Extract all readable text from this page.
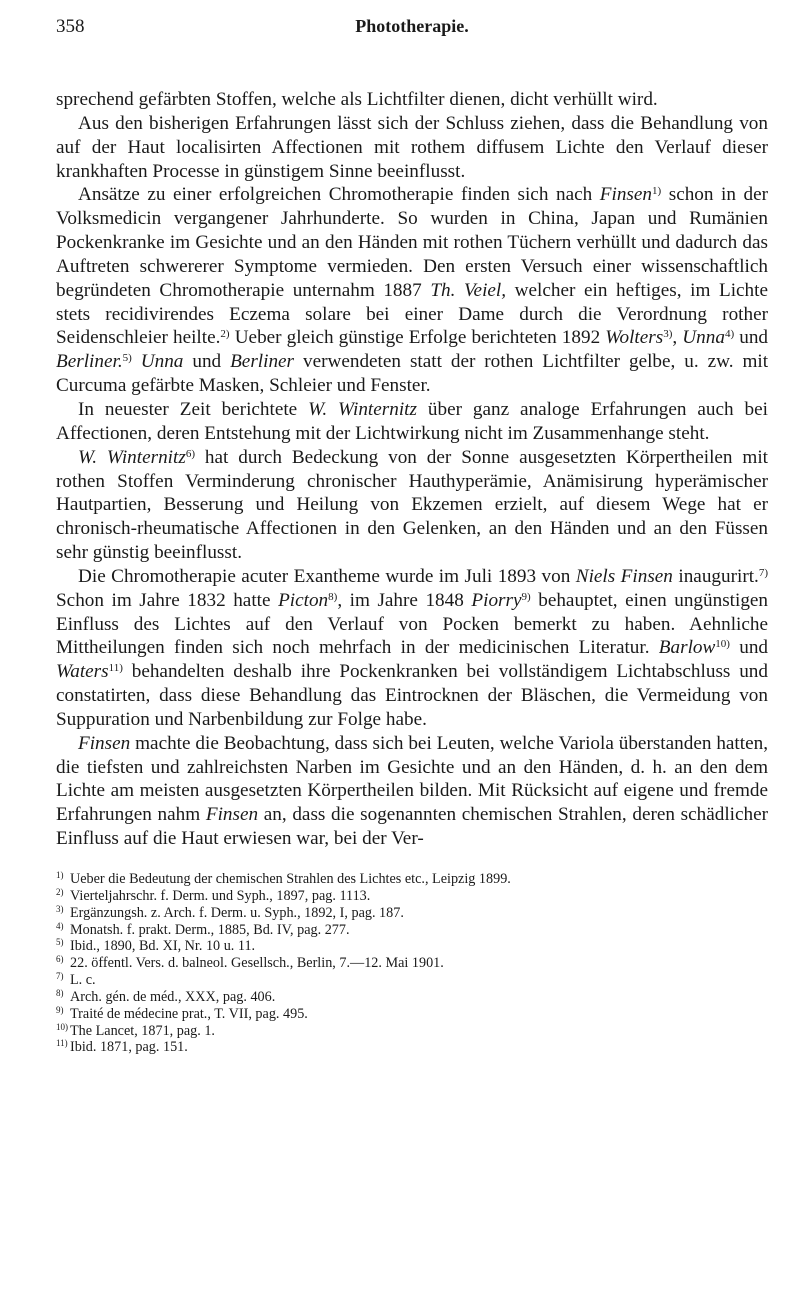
358	Phototherapie.

sprechend gefärbten Stoffen, welche als Lichtfilter dienen, dicht verhüllt wird.

Aus den bisherigen Erfahrungen lässt sich der Schluss ziehen, dass die Behandlung von auf der Haut localisirten Affectionen mit rothem diffusem Lichte den Verlauf dieser krankhaften Processe in günstigem Sinne beeinflusst.

Ansätze zu einer erfolgreichen Chromotherapie finden sich nach Finsen$^{1)}$ schon in der Volksmedicin vergangener Jahrhunderte. So wurden in China, Japan und Rumänien Pockenkranke im Gesichte und an den Händen mit rothen Tüchern verhüllt und dadurch das Auftreten schwererer Symptome vermieden. Den ersten Versuch einer wissenschaftlich begründeten Chromotherapie unternahm 1887 Th. Veiel, welcher ein heftiges, im Lichte stets recidivirendes Eczema solare bei einer Dame durch die Verordnung rother Seidenschleier heilte.$^{2)}$ Ueber gleich günstige Erfolge berichteten 1892 Wolters$^{3)}$, Unna$^{4)}$ und Berliner.$^{5)}$ Unna und Berliner verwendeten statt der rothen Lichtfilter gelbe, u. zw. mit Curcuma gefärbte Masken, Schleier und Fenster.

In neuester Zeit berichtete W. Winternitz über ganz analoge Erfahrungen auch bei Affectionen, deren Entstehung mit der Lichtwirkung nicht im Zusammenhange steht.

W. Winternitz$^{6)}$ hat durch Bedeckung von der Sonne ausgesetzten Körpertheilen mit rothen Stoffen Verminderung chronischer Hauthyperämie, Anämisirung hyperämischer Hautpartien, Besserung und Heilung von Ekzemen erzielt, auf diesem Wege hat er chronisch-rheumatische Affectionen in den Gelenken, an den Händen und an den Füssen sehr günstig beeinflusst.

Die Chromotherapie acuter Exantheme wurde im Juli 1893 von Niels Finsen inaugurirt.$^{7)}$ Schon im Jahre 1832 hatte Picton$^{8)}$, im Jahre 1848 Piorry$^{9)}$ behauptet, einen ungünstigen Einfluss des Lichtes auf den Verlauf von Pocken bemerkt zu haben. Aehnliche Mittheilungen finden sich noch mehrfach in der medicinischen Literatur. Barlow$^{10)}$ und Waters$^{11)}$ behandelten deshalb ihre Pockenkranken bei vollständigem Lichtabschluss und constatirten, dass diese Behandlung das Eintrocknen der Bläschen, die Vermeidung von Suppuration und Narbenbildung zur Folge habe.

Finsen machte die Beobachtung, dass sich bei Leuten, welche Variola überstanden hatten, die tiefsten und zahlreichsten Narben im Gesichte und an den Händen, d. h. an den dem Lichte am meisten ausgesetzten Körpertheilen bilden. Mit Rücksicht auf eigene und fremde Erfahrungen nahm Finsen an, dass die sogenannten chemischen Strahlen, deren schädlicher Einfluss auf die Haut erwiesen war, bei der Ver-

$^{1)}$ Ueber die Bedeutung der chemischen Strahlen des Lichtes etc., Leipzig 1899.

$^{2)}$ Vierteljahrschr. f. Derm. und Syph., 1897, pag. 1113.

$^{3)}$ Ergänzungsh. z. Arch. f. Derm. u. Syph., 1892, I, pag. 187.

$^{4)}$ Monatsh. f. prakt. Derm., 1885, Bd. IV, pag. 277.

$^{5)}$ Ibid., 1890, Bd. XI, Nr. 10 u. 11.

$^{6)}$ 22. öffentl. Vers. d. balneol. Gesellsch., Berlin, 7.—12. Mai 1901.

$^{7)}$ L. c.

$^{8)}$ Arch. gén. de méd., XXX, pag. 406.

$^{9)}$ Traité de médecine prat., T. VII, pag. 495.

$^{10)}$ The Lancet, 1871, pag. 1.

$^{11)}$ Ibid. 1871, pag. 151.
